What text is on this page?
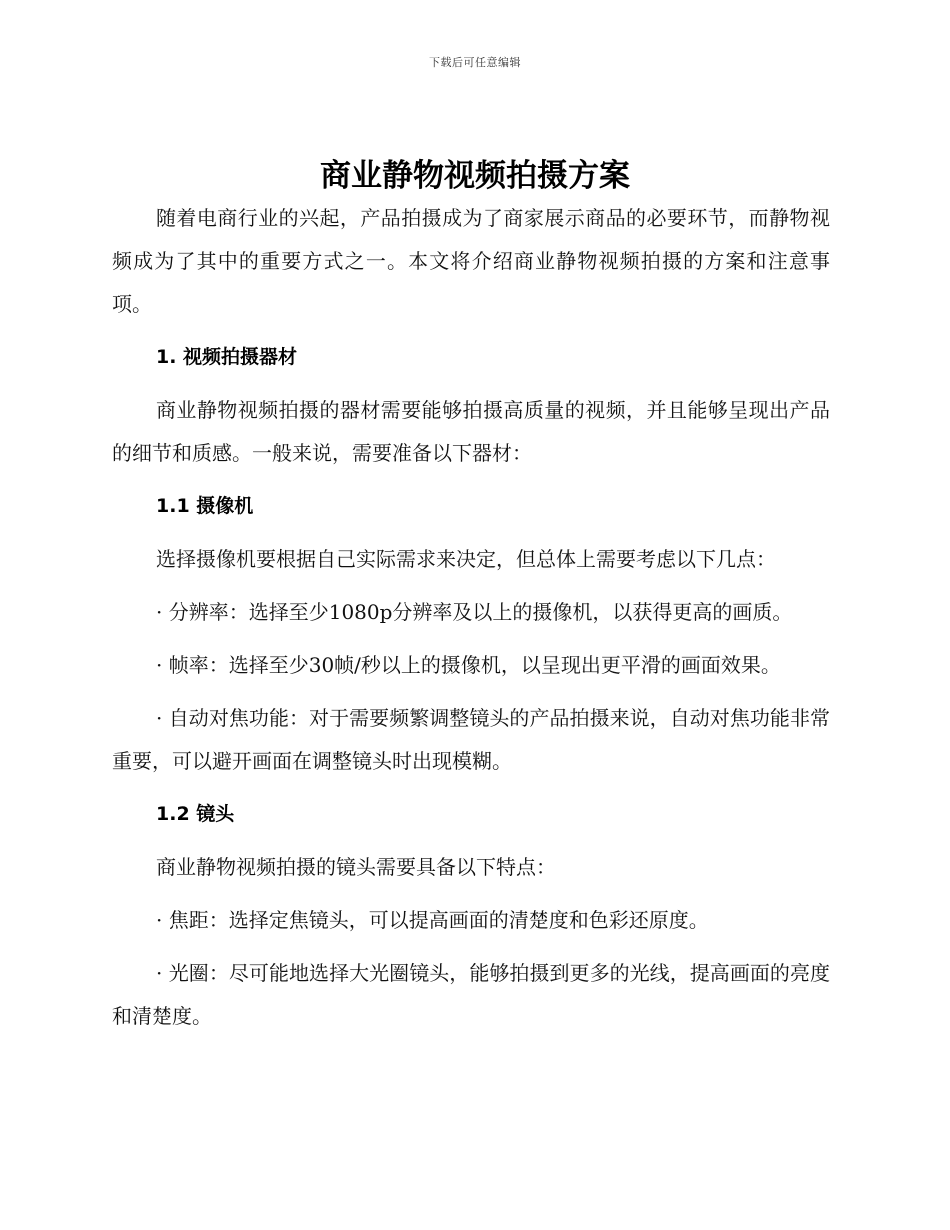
下载后可任意编辑
商业静物视频拍摄方案

随着电商行业的兴起，产品拍摄成为了商家展示商品的必要环节，而静物视频成为了其中的重要方式之一。本文将介绍商业静物视频拍摄的方案和注意事项。

1. 视频拍摄器材

商业静物视频拍摄的器材需要能够拍摄高质量的视频，并且能够呈现出产品的细节和质感。一般来说，需要准备以下器材：

1.1 摄像机

选择摄像机要根据自己实际需求来决定，但总体上需要考虑以下几点：

· 分辨率：选择至少1080p分辨率及以上的摄像机，以获得更高的画质。

· 帧率：选择至少30帧/秒以上的摄像机，以呈现出更平滑的画面效果。

· 自动对焦功能：对于需要频繁调整镜头的产品拍摄来说，自动对焦功能非常重要，可以避开画面在调整镜头时出现模糊。

1.2 镜头

商业静物视频拍摄的镜头需要具备以下特点：

· 焦距：选择定焦镜头，可以提高画面的清楚度和色彩还原度。

· 光圈：尽可能地选择大光圈镜头，能够拍摄到更多的光线，提高画面的亮度和清楚度。
